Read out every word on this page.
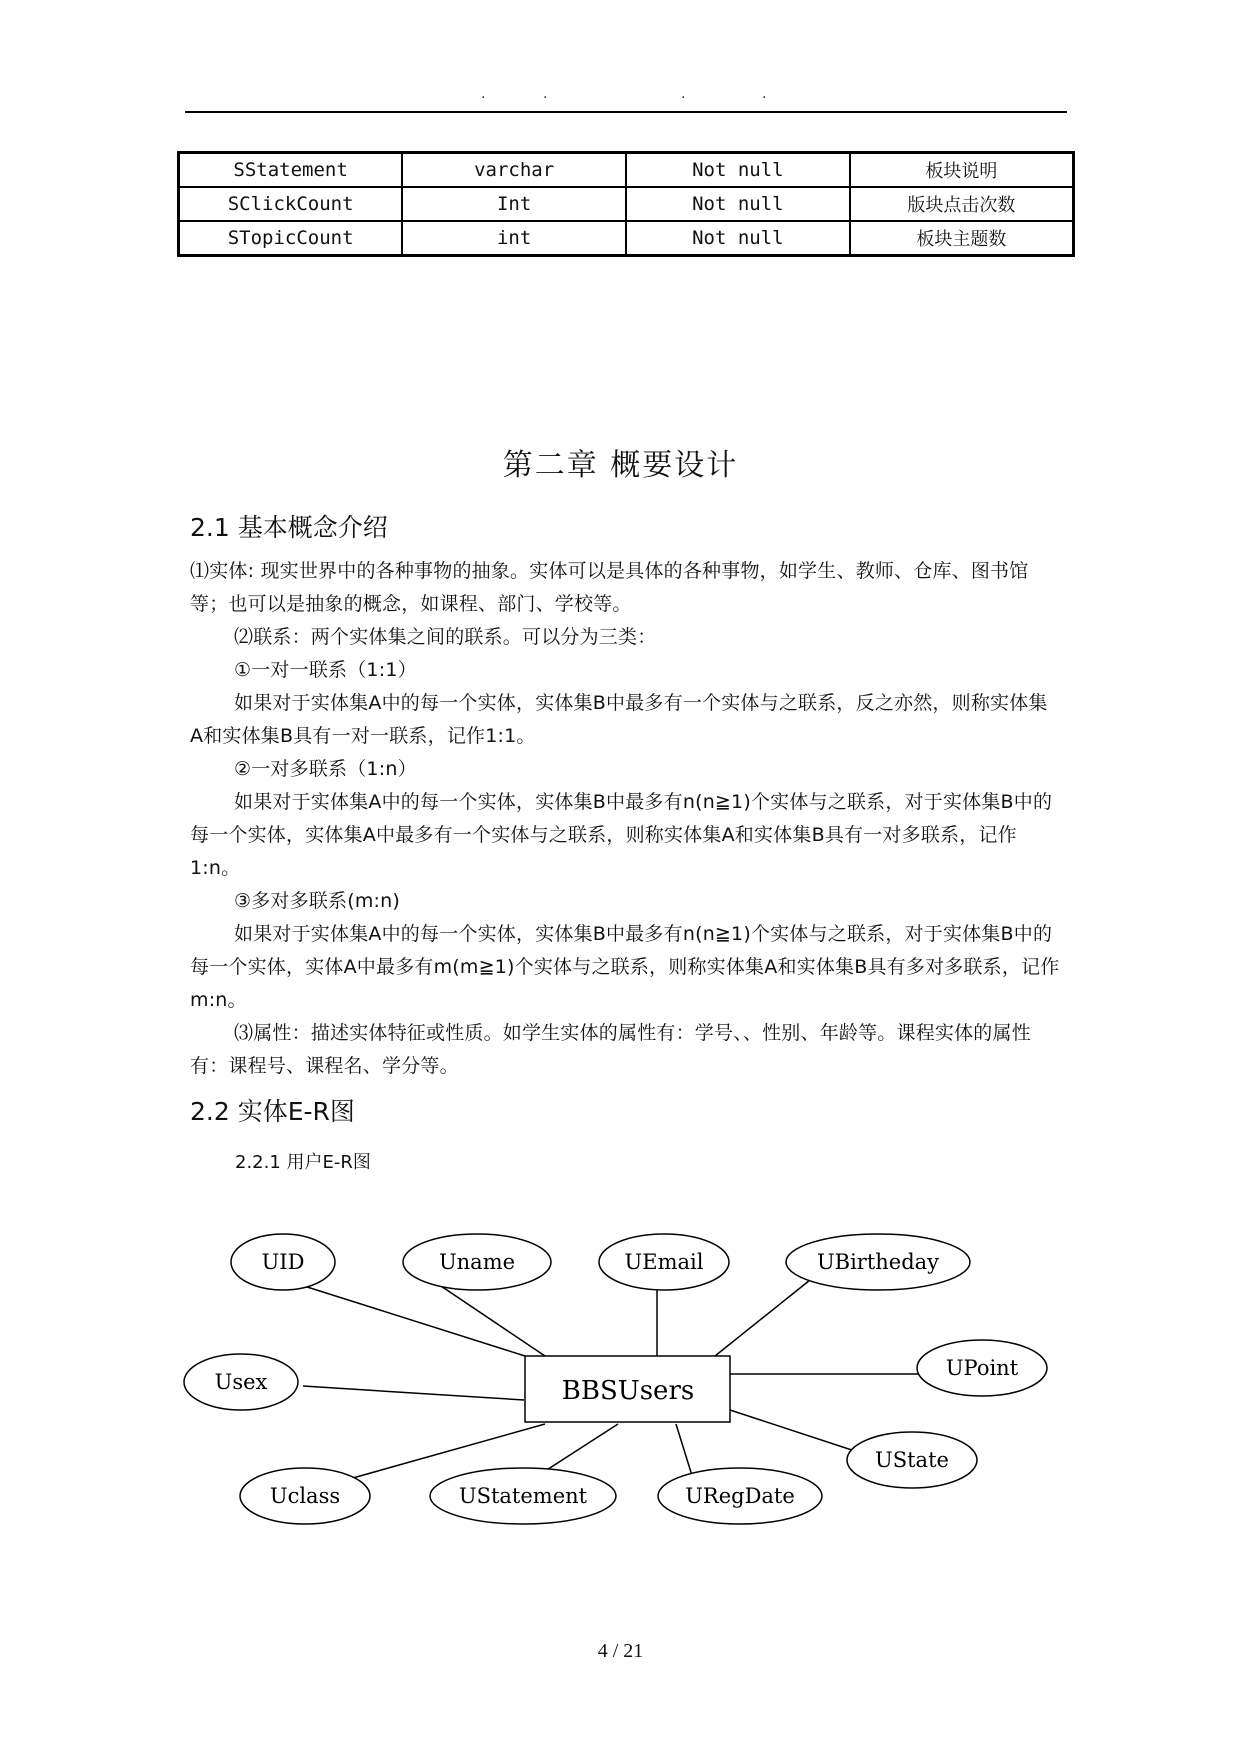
.	.	.	.
SStatement	varchar	Not null	板块说明
SClickCount	Int	Not null	版块点击次数
STopicCount	int	Not null	板块主题数
第二章 概要设计
2.1 基本概念介绍

⑴实体: 现实世界中的各种事物的抽象。实体可以是具体的各种事物，如学生、教师、仓库、图书馆等；也可以是抽象的概念，如课程、部门、学校等。

⑵联系：两个实体集之间的联系。可以分为三类：

①一对一联系（1:1）

如果对于实体集A中的每一个实体，实体集B中最多有一个实体与之联系，反之亦然，则称实体集A和实体集B具有一对一联系，记作1:1。

②一对多联系（1:n）

如果对于实体集A中的每一个实体，实体集B中最多有n(n≧1)个实体与之联系，对于实体集B中的每一个实体，实体集A中最多有一个实体与之联系，则称实体集A和实体集B具有一对多联系，记作1:n。

③多对多联系(m:n)

如果对于实体集A中的每一个实体，实体集B中最多有n(n≧1)个实体与之联系，对于实体集B中的每一个实体，实体A中最多有m(m≧1)个实体与之联系，则称实体集A和实体集B具有多对多联系，记作m:n。

⑶属性：描述实体特征或性质。如学生实体的属性有：学号、、性别、年龄等。课程实体的属性有：课程号、课程名、学分等。

2.2 实体E-R图
2.2.1 用户E-R图
BBSUsers
UID	Uname	UEmail	UBirtheday
UPoint
Usex
UState
Uclass	UStatement	URegDate
4 / 21
